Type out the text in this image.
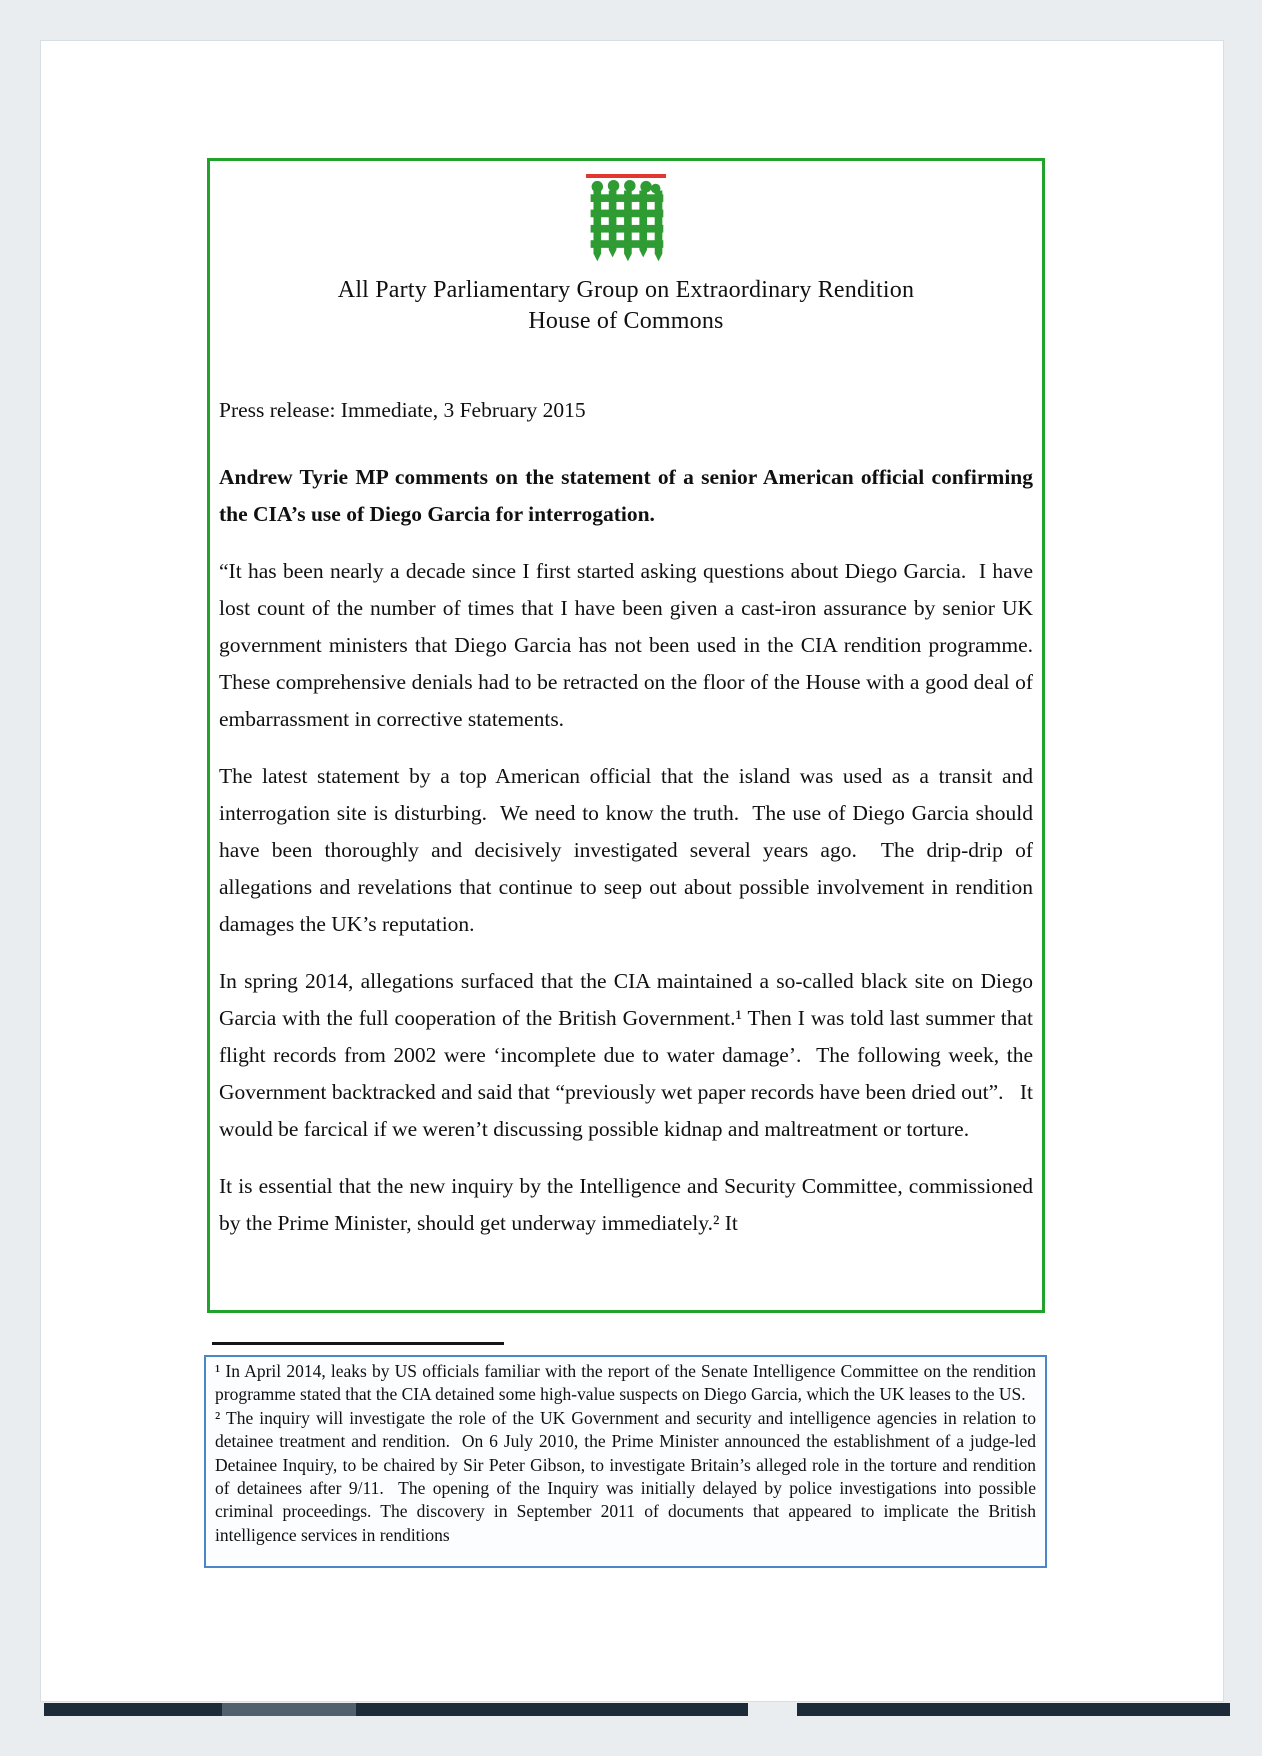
All Party Parliamentary Group on Extraordinary Rendition
House of Commons
Press release: Immediate, 3 February 2015
Andrew Tyrie MP comments on the statement of a senior American official confirming the CIA’s use of Diego Garcia for interrogation.

“It has been nearly a decade since I first started asking questions about Diego Garcia.  I have lost count of the number of times that I have been given a cast-iron assurance by senior UK government ministers that Diego Garcia has not been used in the CIA rendition programme.  These comprehensive denials had to be retracted on the floor of the House with a good deal of embarrassment in corrective statements.

The latest statement by a top American official that the island was used as a transit and interrogation site is disturbing.  We need to know the truth.  The use of Diego Garcia should have been thoroughly and decisively investigated several years ago.  The drip-drip of allegations and revelations that continue to seep out about possible involvement in rendition damages the UK’s reputation.

In spring 2014, allegations surfaced that the CIA maintained a so-called black site on Diego Garcia with the full cooperation of the British Government.¹ Then I was told last summer that flight records from 2002 were ‘incomplete due to water damage’.  The following week, the Government backtracked and said that “previously wet paper records have been dried out”.   It would be farcical if we weren’t discussing possible kidnap and maltreatment or torture.

It is essential that the new inquiry by the Intelligence and Security Committee, commissioned by the Prime Minister, should get underway immediately.² It

¹ In April 2014, leaks by US officials familiar with the report of the Senate Intelligence Committee on the rendition programme stated that the CIA detained some high-value suspects on Diego Garcia, which the UK leases to the US.

² The inquiry will investigate the role of the UK Government and security and intelligence agencies in relation to detainee treatment and rendition.  On 6 July 2010, the Prime Minister announced the establishment of a judge-led Detainee Inquiry, to be chaired by Sir Peter Gibson, to investigate Britain’s alleged role in the torture and rendition of detainees after 9/11.  The opening of the Inquiry was initially delayed by police investigations into possible criminal proceedings. The discovery in September 2011 of documents that appeared to implicate the British intelligence services in renditions
